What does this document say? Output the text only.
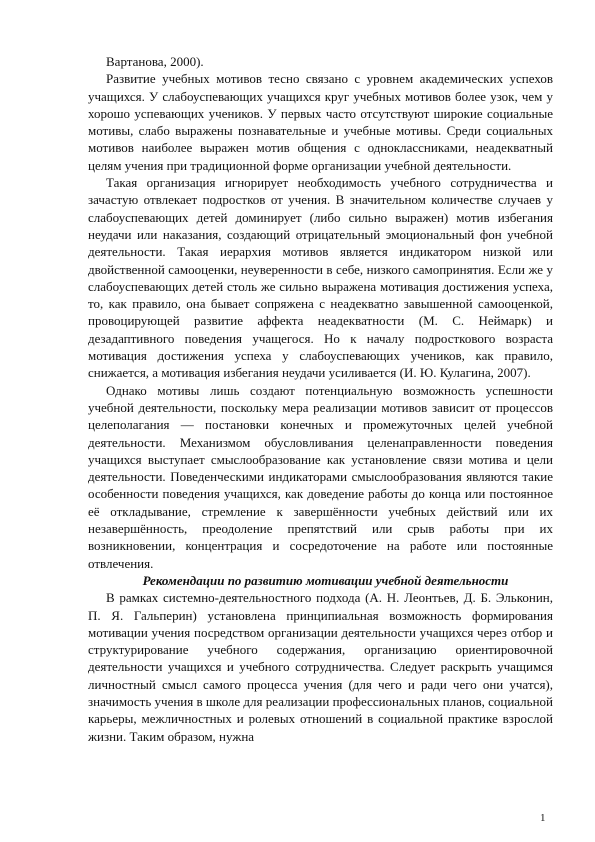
Вартанова, 2000).

Развитие учебных мотивов тесно связано с уровнем академических успехов учащихся. У слабоуспевающих учащихся круг учебных мотивов более узок, чем у хорошо успевающих учеников. У первых часто отсутствуют широкие социальные мотивы, слабо выражены познавательные и учебные мотивы. Среди социальных мотивов наиболее выражен мотив общения с одноклассниками, неадекватный целям учения при традиционной форме организации учебной деятельности.

Такая организация игнорирует необходимость учебного сотрудничества и зачастую отвлекает подростков от учения. В значительном количестве случаев у слабоуспевающих детей доминирует (либо сильно выражен) мотив избегания неудачи или наказания, создающий отрицательный эмоциональный фон учебной деятельности. Такая иерархия мотивов является индикатором низкой или двойственной самооценки, неуверенности в себе, низкого самопринятия. Если же у слабоуспевающих детей столь же сильно выражена мотивация достижения успеха, то, как правило, она бывает сопряжена с неадекватно завышенной самооценкой, провоцирующей развитие аффекта неадекватности (М. С. Неймарк) и дезадаптивного поведения учащегося. Но к началу подросткового возраста мотивация достижения успеха у слабоуспевающих учеников, как правило, снижается, а мотивация избегания неудачи усиливается (И. Ю. Кулагина, 2007).

Однако мотивы лишь создают потенциальную возможность успешности учебной деятельности, поскольку мера реализации мотивов зависит от процессов целеполагания — постановки конечных и промежуточных целей учебной деятельности. Механизмом обусловливания целенаправленности поведения учащихся выступает смыслообразование как установление связи мотива и цели деятельности. Поведенческими индикаторами смыслообразования являются такие особенности поведения учащихся, как доведение работы до конца или постоянное её откладывание, стремление к завершённости учебных действий или их незавершённость, преодоление препятствий или срыв работы при их возникновении, концентрация и сосредоточение на работе или постоянные отвлечения.

Рекомендации по развитию мотивации учебной деятельности

В рамках системно-деятельностного подхода (А. Н. Леонтьев, Д. Б. Эльконин, П. Я. Гальперин) установлена принципиальная возможность формирования мотивации учения посредством организации деятельности учащихся через отбор и структурирование учебного содержания, организацию ориентировочной деятельности учащихся и учебного сотрудничества. Следует раскрыть учащимся личностный смысл самого процесса учения (для чего и ради чего они учатся), значимость учения в школе для реализации профессиональных планов, социальной карьеры, межличностных и ролевых отношений в социальной практике взрослой жизни. Таким образом, нужна

1
